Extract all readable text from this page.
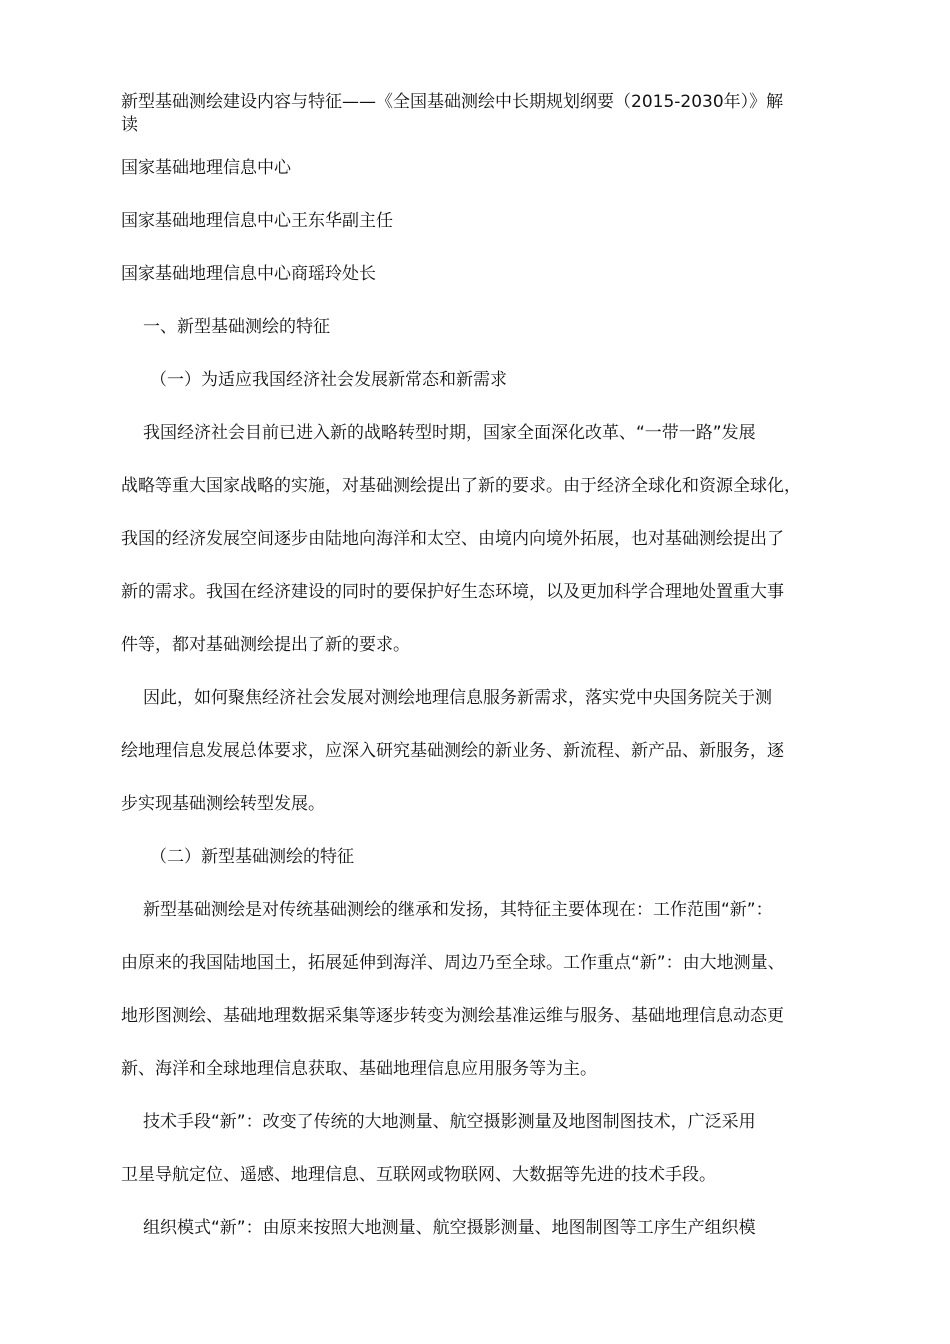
新型基础测绘建设内容与特征——《全国基础测绘中长期规划纲要（2015-2030年）》解
读
国家基础地理信息中心
国家基础地理信息中心王东华副主任
国家基础地理信息中心商瑶玲处长
一、新型基础测绘的特征
（一）为适应我国经济社会发展新常态和新需求
我国经济社会目前已进入新的战略转型时期，国家全面深化改革、“一带一路”发展
战略等重大国家战略的实施，对基础测绘提出了新的要求。由于经济全球化和资源全球化，
我国的经济发展空间逐步由陆地向海洋和太空、由境内向境外拓展，也对基础测绘提出了
新的需求。我国在经济建设的同时的要保护好生态环境，以及更加科学合理地处置重大事
件等，都对基础测绘提出了新的要求。
因此，如何聚焦经济社会发展对测绘地理信息服务新需求，落实党中央国务院关于测
绘地理信息发展总体要求，应深入研究基础测绘的新业务、新流程、新产品、新服务，逐
步实现基础测绘转型发展。
（二）新型基础测绘的特征
新型基础测绘是对传统基础测绘的继承和发扬，其特征主要体现在：工作范围“新”：
由原来的我国陆地国土，拓展延伸到海洋、周边乃至全球。工作重点“新”：由大地测量、
地形图测绘、基础地理数据采集等逐步转变为测绘基准运维与服务、基础地理信息动态更
新、海洋和全球地理信息获取、基础地理信息应用服务等为主。
技术手段“新”：改变了传统的大地测量、航空摄影测量及地图制图技术，广泛采用
卫星导航定位、遥感、地理信息、互联网或物联网、大数据等先进的技术手段。
组织模式“新”：由原来按照大地测量、航空摄影测量、地图制图等工序生产组织模
